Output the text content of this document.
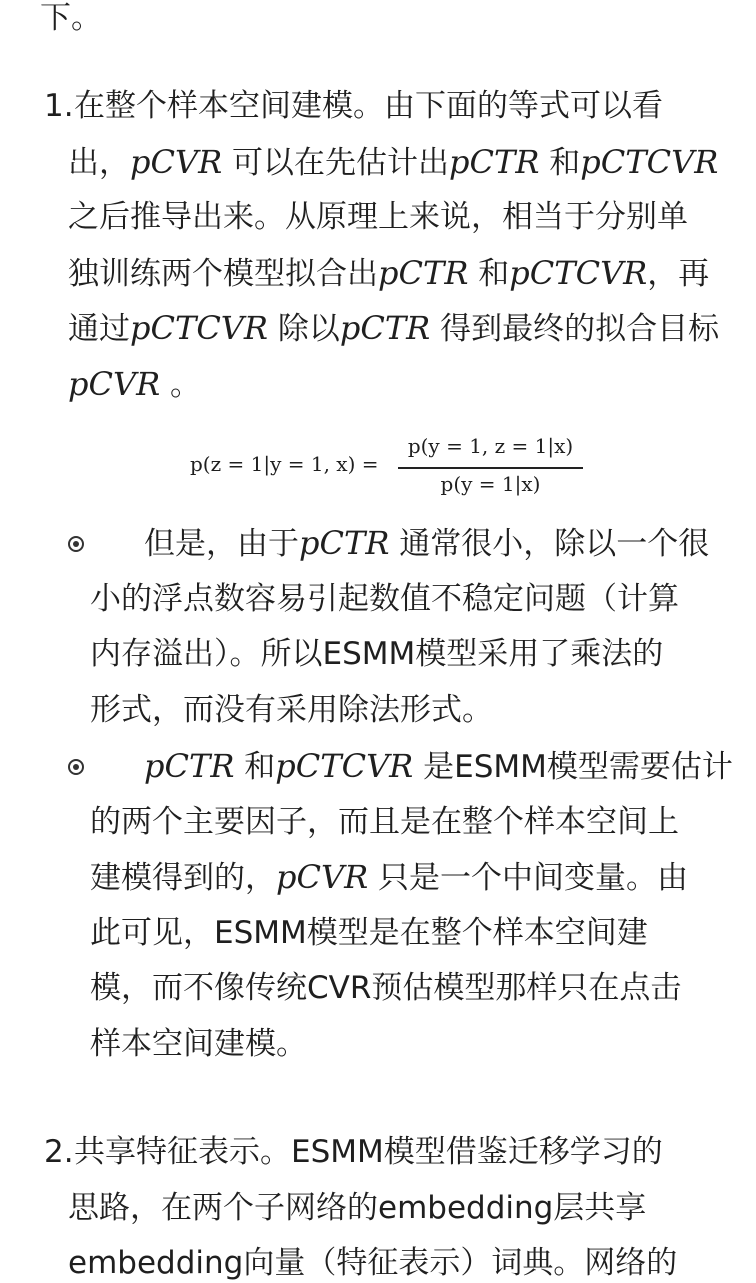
下。
1. 在整个样本空间建模。由下面的等式可以看
出，pCVR 可以在先估计出pCTR 和pCTCVR
之后推导出来。从原理上来说，相当于分别单
独训练两个模型拟合出pCTR 和pCTCVR，再
通过pCTCVR 除以pCTR 得到最终的拟合目标
pCVR 。
p(z = 1|y = 1, x) =
p(y = 1, z = 1|x)
p(y = 1|x)
但是，由于pCTR 通常很小，除以一个很
小的浮点数容易引起数值不稳定问题（计算
内存溢出）。所以ESMM模型采用了乘法的
形式，而没有采用除法形式。
pCTR 和pCTCVR 是ESMM模型需要估计
的两个主要因子，而且是在整个样本空间上
建模得到的，pCVR 只是一个中间变量。由
此可见，ESMM模型是在整个样本空间建
模，而不像传统CVR预估模型那样只在点击
样本空间建模。
2. 共享特征表示。ESMM模型借鉴迁移学习的
思路，在两个子网络的embedding层共享
embedding向量（特征表示）词典。网络的
